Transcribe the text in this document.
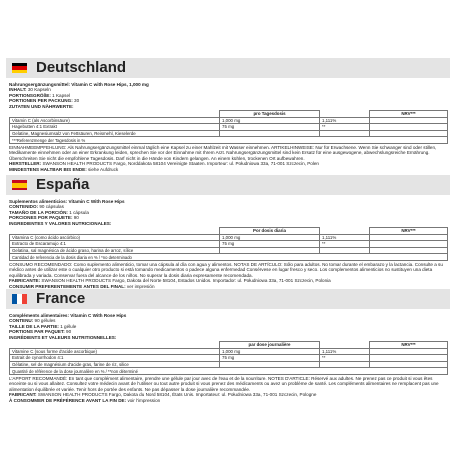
Deutschland

Nahrungsergänzungsmittel: Vitamin C with Rose Hips, 1,000 mg

INHALT: 30 Kapseln

PORTIONSGRÖßE: 1 Kapsel

PORTIONEN PER PACKUNG: 30

ZUTATEN UND NÄHRWERTE:

	pro Tagesdosis		NRV***
Vitamin C (als Ascorbinsäure)	1,000 mg	1,111%	
Hagebutten 4:1 Extrakt	75 mg	**	
Gelatine, Magnesiumsalz von Fettsäuren, Reismehl, Kieselerde			
***Referenzmenge der Tagesdosis in %			

EINNAHMEEMPFEHLUNG: Als Nahrungsergänzungsmittel einmal täglich eine Kapsel zu einer Mahlzeit mit Wasser einnehmen. ARTIKELHINWEISE: Nur für Erwachsene. Wenn Sie schwanger sind oder stillen, Medikamente einnehmen oder an einer Erkrankung leiden, sprechen Sie vor der Einnahme mit Ihrem Arzt. Nahrungsergänzungsmittel sind kein Ersatz für eine ausgewogene, abwechslungsreiche Ernährung. Überschreiten Sie nicht die empfohlene Tagesdosis. Darf nicht in die Hände von Kindern gelangen. An einem kühlen, trockenen Ort aufbewahren.

HERSTELLER: SWANSON HEALTH PRODUCTS Fargo, Norddakota 58104 Vereinigte Staaten. Importeur: ul. Południowa 33a, 71-001 Szczecin, Polen

MINDESTENS HALTBAR BIS ENDE: siehe Aufdruck

España

Suplementos alimenticios: Vitamin C With Rose Hips

CONTENIDO: 90 cápsulas

TAMAÑO DE LA PORCIÓN: 1 cápsula

PORCIONES POR PAQUETE: 90

INGREDIENTES Y VALORES NUTRICIONALES:

	Por dosis diaria		NRV***
Vitamina C (como ácido ascórbico)	1,000 mg	1,111%	
Extracto de Escaramujo 4:1	75 mg	**	
Gelatina, sal magnésica de ácido graso, harina de arroz, sílice			
Cantidad de referencia de la dosis diaria en % / *no determinado			

CONSUMO RECOMENDADO: Como suplemento alimenticio, tomar una cápsula al día con agua y alimentos. NOTAS DE ARTÍCULO: Sólo para adultos. No tomar durante el embarazo y la lactancia. Consulte a su médico antes de utilizar este o cualquier otro producto si está tomando medicamentos o padece alguna enfermedad Consérvese en lugar fresco y seco. Los complementos alimenticios no sustituyen una dieta equilibrada y variada. Conservar fuera del alcance de los niños. No superar la dosis diaria expresamente recomendada.

FABRICANTE: SWANSON HEALTH PRODUCTS Fargo, Dakota del Norte 58104, Estados Unidos. Importador: ul. Południowa 33a, 71-001 Szczecin, Polonia

CONSUMIR PREFERENTEMENTE ANTES DEL FINAL: ver impresión

France

Compléments alimentaires: Vitamin C With Rose Hips

CONTENU: 90 gélules

TAILLE DE LA PARTIE: 1 gélule

PORTIONS PAR PAQUET: 90

INGRÉDIENTS ET VALEURS NUTRITIONNELLES:

	par dose journalière		NRV***
Vitamine C (sous forme d'acide ascorbique)	1,000 mg	1,111%	
Extrait de cynorrhodon 4:1	75 mg	**	
Gélatine, sel de magnésium d'acide gras, farine de riz, silice			
Quantité de référence de la dose journalière en % / **non déterminé			

L'APPORT RECOMMANDÉ: En tant que complément alimentaire, prendre une gélule par jour avec de l'eau et de la nourriture. NOTES D'ARTICLE: Réservé aux adultes. Ne prenez pas ce produit si vous êtes enceinte ou si vous allaitez. Consultez votre médecin avant de l'utiliser ou tout autre produit si vous prenez des médicaments ou avez un problème de santé. Les compléments alimentaires ne remplacent pas une alimentation équilibrée et variée. Tenir hors de portée des enfants. Ne pas dépasser la dose journalière recommandée.

FABRICANT: SWANSON HEALTH PRODUCTS Fargo, Dakota du Nord 58104, États Unis. Importateur: ul. Południowa 33a, 71-001 Szczecin, Pologne

À CONSOMMER DE PRÉFÉRENCE AVANT LA FIN DE: voir l'impression
